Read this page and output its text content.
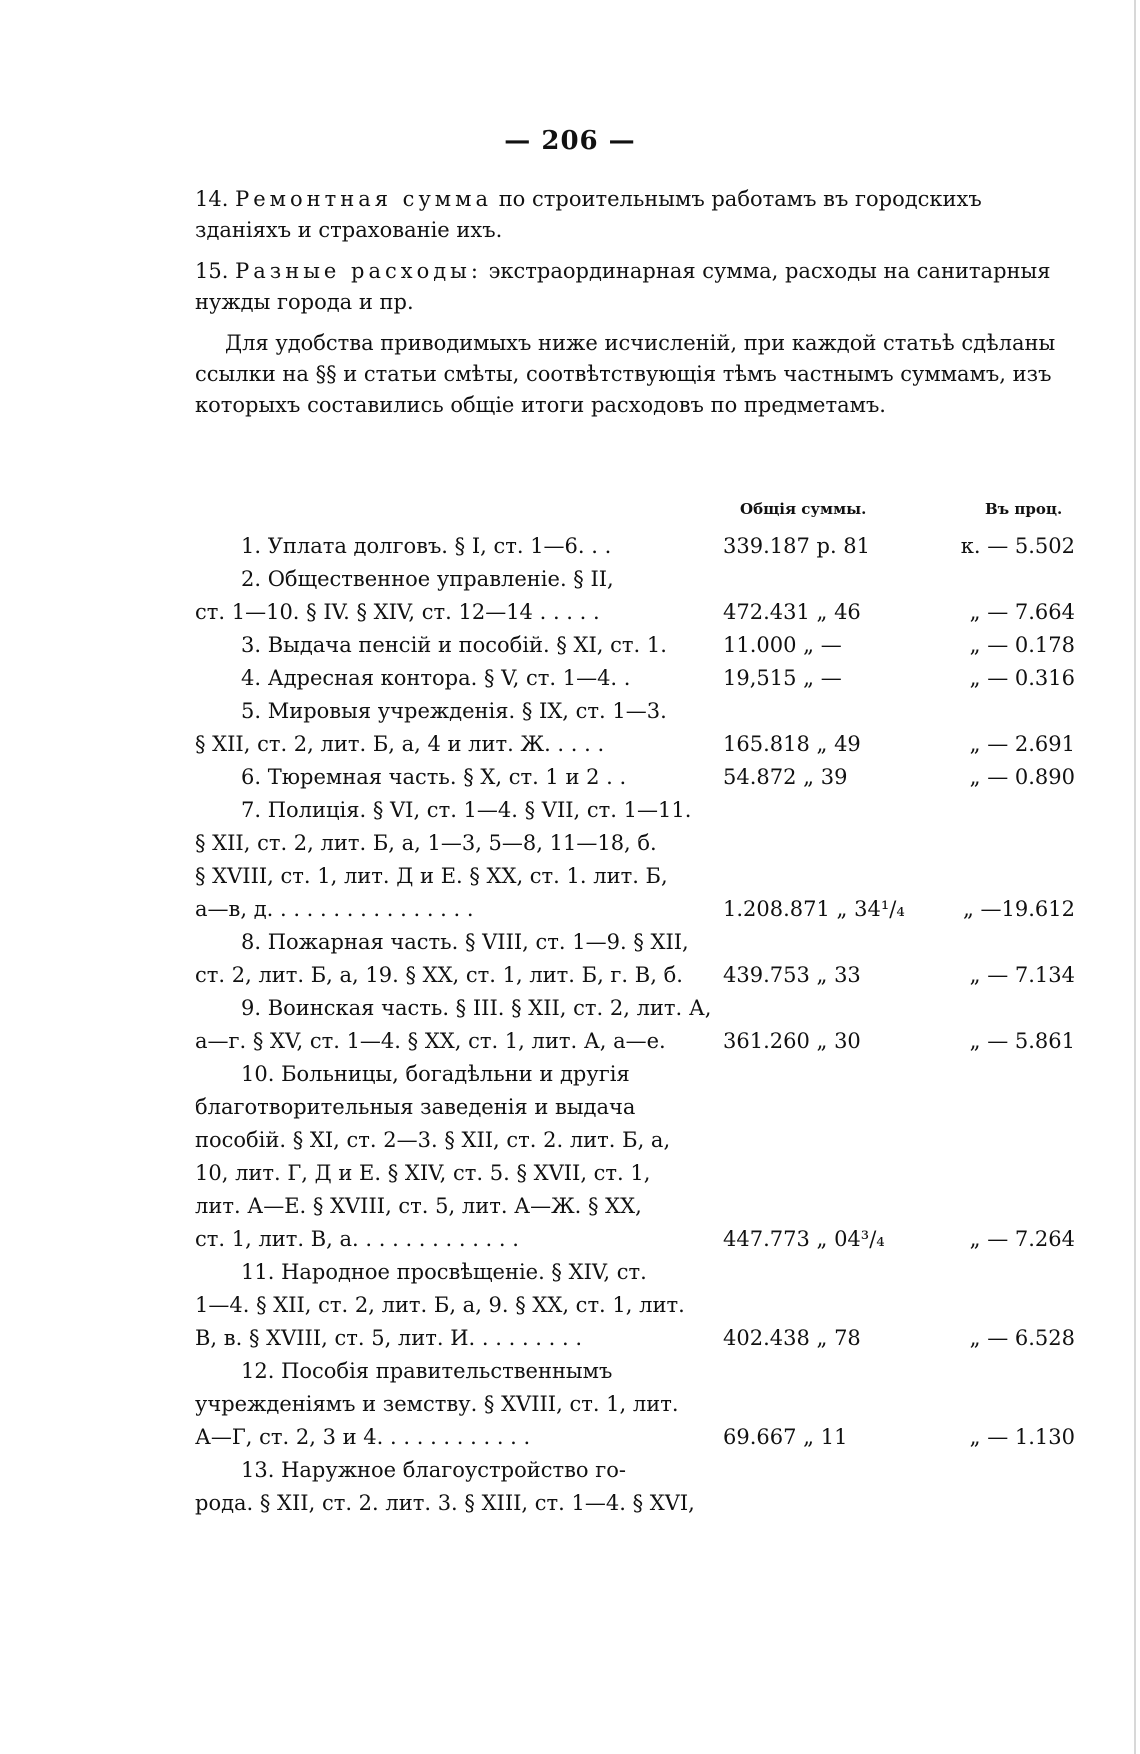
— 206 —

14. Ремонтная сумма по строительнымъ работамъ въ городскихъ зданіяхъ и страхованіе ихъ.

15. Разные расходы: экстраординарная сумма, расходы на санитарныя нужды города и пр.

Для удобства приводимыхъ ниже исчисленій, при каждой статьѣ сдѣланы ссылки на §§ и статьи смѣты, соотвѣтствующія тѣмъ частнымъ суммамъ, изъ которыхъ составились общіе итоги расходовъ по предметамъ.

Общія суммы.	Въ проц.
1. Уплата долговъ. § I, ст. 1—6. . .	339.187 р. 81	к. — 5.502
2. Общественное управленіе. § II,
ст. 1—10. § IV. § XIV, ст. 12—14 . . . . .	472.431 „ 46	„ — 7.664
3. Выдача пенсій и пособій. § XI, ст. 1.	11.000 „ —	„ — 0.178
4. Адресная контора. § V, ст. 1—4. .	19,515 „ —	„ — 0.316
5. Мировыя учрежденія. § IX, ст. 1—3.
§ XII, ст. 2, лит. Б, а, 4 и лит. Ж. . . . .	165.818 „ 49	„ — 2.691
6. Тюремная часть. § X, ст. 1 и 2 . .	54.872 „ 39	„ — 0.890
7. Полиція. § VI, ст. 1—4. § VII, ст. 1—11.
§ XII, ст. 2, лит. Б, а, 1—3, 5—8, 11—18, б.
§ XVIII, ст. 1, лит. Д и Е. § XX, ст. 1. лит. Б,
а—в, д. . . . . . . . . . . . . . . .	1.208.871 „ 34¹/₄	„ —19.612
8. Пожарная часть. § VIII, ст. 1—9. § XII,
ст. 2, лит. Б, а, 19. § XX, ст. 1, лит. Б, г. В, б.	439.753 „ 33	„ — 7.134
9. Воинская часть. § III. § XII, ст. 2, лит. А,
а—г. § XV, ст. 1—4. § XX, ст. 1, лит. А, а—е.	361.260 „ 30	„ — 5.861
10. Больницы, богадѣльни и другія
благотворительныя заведенія и выдача
пособій. § XI, ст. 2—3. § XII, ст. 2. лит. Б, а,
10, лит. Г, Д и Е. § XIV, ст. 5. § XVII, ст. 1,
лит. А—Е. § XVIII, ст. 5, лит. А—Ж. § XX,
ст. 1, лит. В, а. . . . . . . . . . . . .	447.773 „ 04³/₄	„ — 7.264
11. Народное просвѣщеніе. § XIV, ст.
1—4. § XII, ст. 2, лит. Б, а, 9. § XX, ст. 1, лит.
В, в. § XVIII, ст. 5, лит. И. . . . . . . . .	402.438 „ 78	„ — 6.528
12. Пособія правительственнымъ
учрежденіямъ и земству. § XVIII, ст. 1, лит.
А—Г, ст. 2, 3 и 4. . . . . . . . . . . .	69.667 „ 11	„ — 1.130
13. Наружное благоустройство го-
рода. § XII, ст. 2. лит. 3. § XIII, ст. 1—4. § XVI,
